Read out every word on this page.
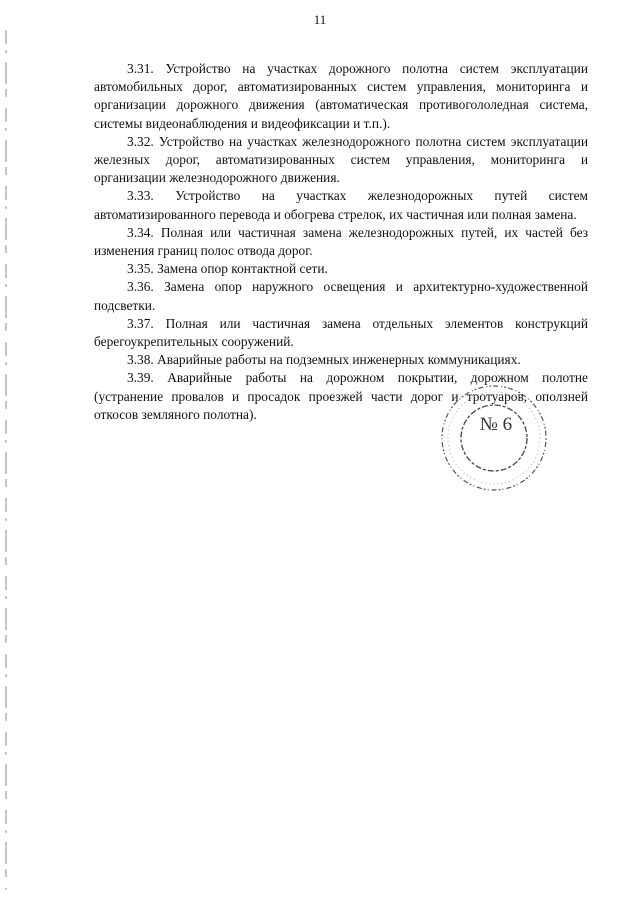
11

3.31. Устройство на участках дорожного полотна систем эксплуатации автомобильных дорог, автоматизированных систем управления, мониторинга и организации дорожного движения (автоматическая противогололедная система, системы видеонаблюдения и видеофиксации и т.п.).

3.32. Устройство на участках железнодорожного полотна систем эксплуатации железных дорог, автоматизированных систем управления, мониторинга и организации железнодорожного движения.

3.33. Устройство на участках железнодорожных путей систем автоматизированного перевода и обогрева стрелок, их частичная или полная замена.

3.34. Полная или частичная замена железнодорожных путей, их частей без изменения границ полос отвода дорог.

3.35. Замена опор контактной сети.

3.36. Замена опор наружного освещения и архитектурно-художественной подсветки.

3.37. Полная или частичная замена отдельных элементов конструкций берегоукрепительных сооружений.

3.38. Аварийные работы на подземных инженерных коммуникациях.

3.39. Аварийные работы на дорожном покрытии, дорожном полотне (устранение провалов и просадок проезжей части дорог и тротуаров, оползней откосов земляного полотна).	№ 6
